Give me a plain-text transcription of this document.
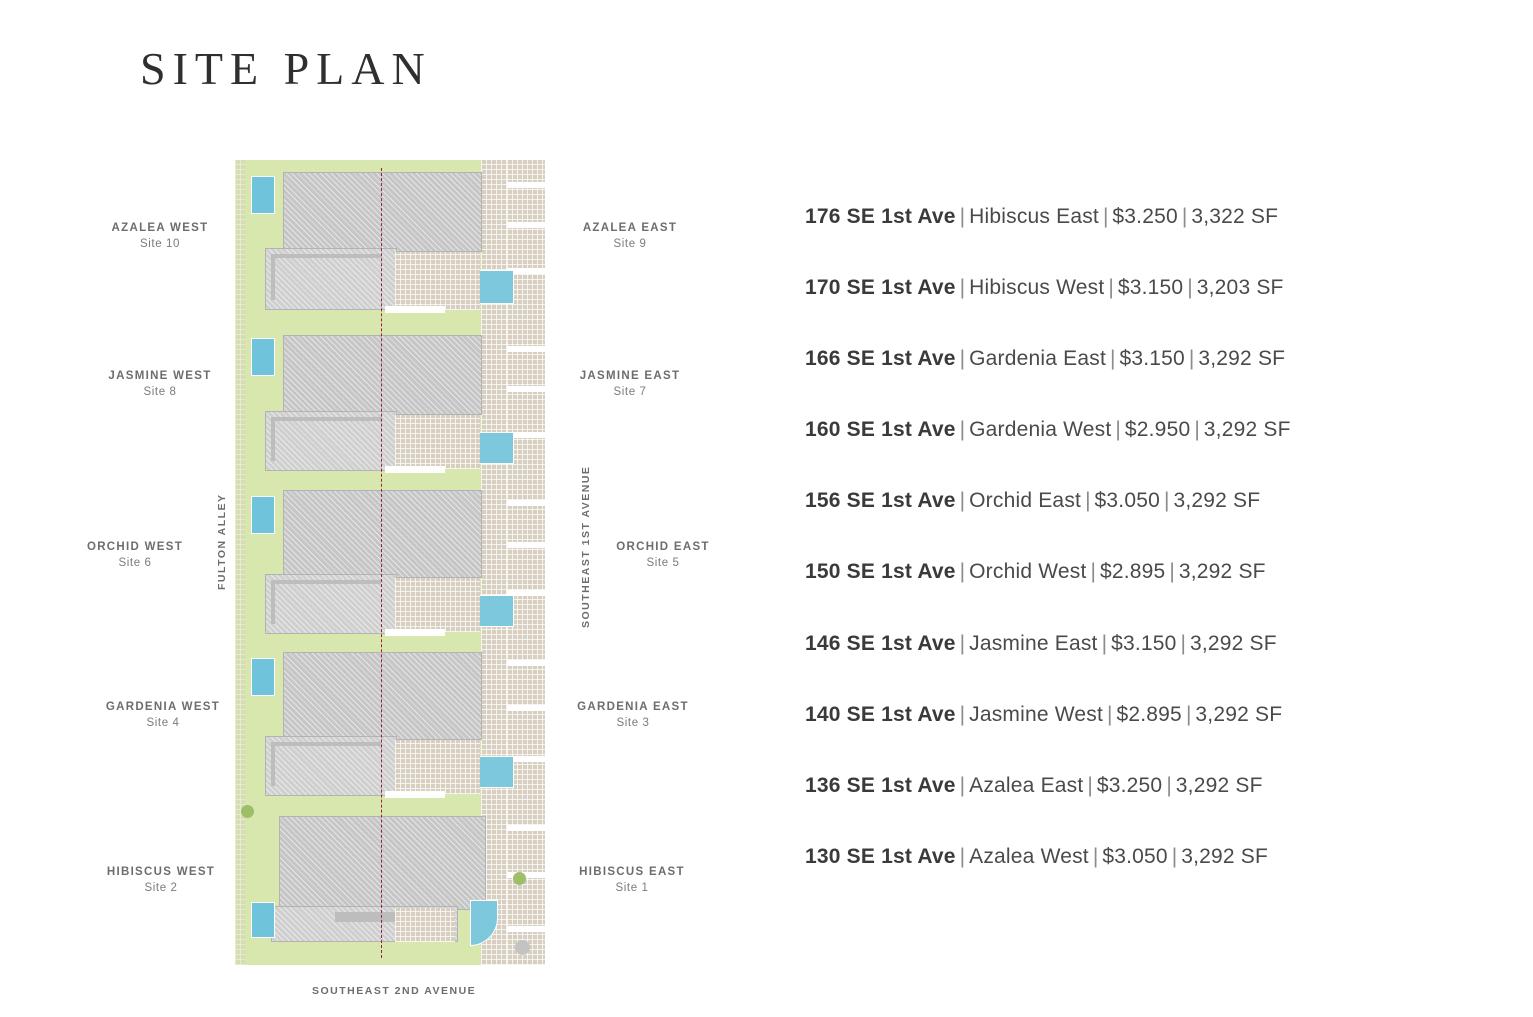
SITE PLAN
AZALEA WEST
Site 10
JASMINE WEST
Site 8
ORCHID WEST
Site 6
GARDENIA WEST
Site 4
HIBISCUS WEST
Site 2
AZALEA EAST
Site 9
JASMINE EAST
Site 7
ORCHID EAST
Site 5
GARDENIA EAST
Site 3
HIBISCUS EAST
Site 1
FULTON ALLEY	SOUTHEAST 1ST AVENUE
SOUTHEAST 2ND AVENUE
176 SE 1st Ave | Hibiscus East | $3.250 | 3,322 SF
170 SE 1st Ave | Hibiscus West | $3.150 | 3,203 SF
166 SE 1st Ave | Gardenia East | $3.150 | 3,292 SF
160 SE 1st Ave | Gardenia West | $2.950 | 3,292 SF
156 SE 1st Ave | Orchid East | $3.050 | 3,292 SF
150 SE 1st Ave | Orchid West | $2.895 | 3,292 SF
146 SE 1st Ave | Jasmine East | $3.150 | 3,292 SF
140 SE 1st Ave | Jasmine West | $2.895 | 3,292 SF
136 SE 1st Ave | Azalea East | $3.250 | 3,292 SF
130 SE 1st Ave | Azalea West | $3.050 | 3,292 SF
